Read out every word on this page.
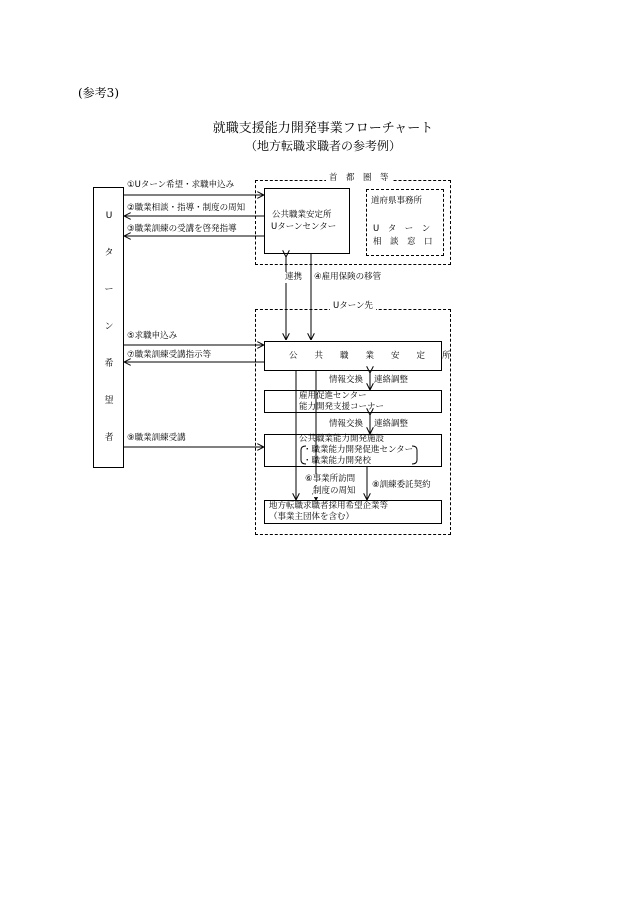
(参考3)
就職支援能力開発事業フローチャート
（地方転職求職者の参考例）
首　都　圏　等
Uターン先
U
タ
ー
ン
希
望
者
公共職業安定所
Uターンセンター
道府県事務所
U　タ　ー　ン
相　談　窓　口
公　　共　　職　　業　　安　　定　　所
雇用促進センター
能力開発支援コーナー
公共職業能力開発施設
・職業能力開発促進センター
・職業能力開発校
地方転職求職者採用希望企業等
（事業主団体を含む）
①Uターン希望・求職申込み
②職業相談・指導・制度の周知
③職業訓練の受講を啓発指導
連携 ④雇用保険の移管
⑤求職申込み
⑦職業訓練受講指示等
⑨職業訓練受講
情報交換 連絡調整
情報交換 連絡調整
⑥事業所訪問
制度の周知
⑧訓練委託契約
